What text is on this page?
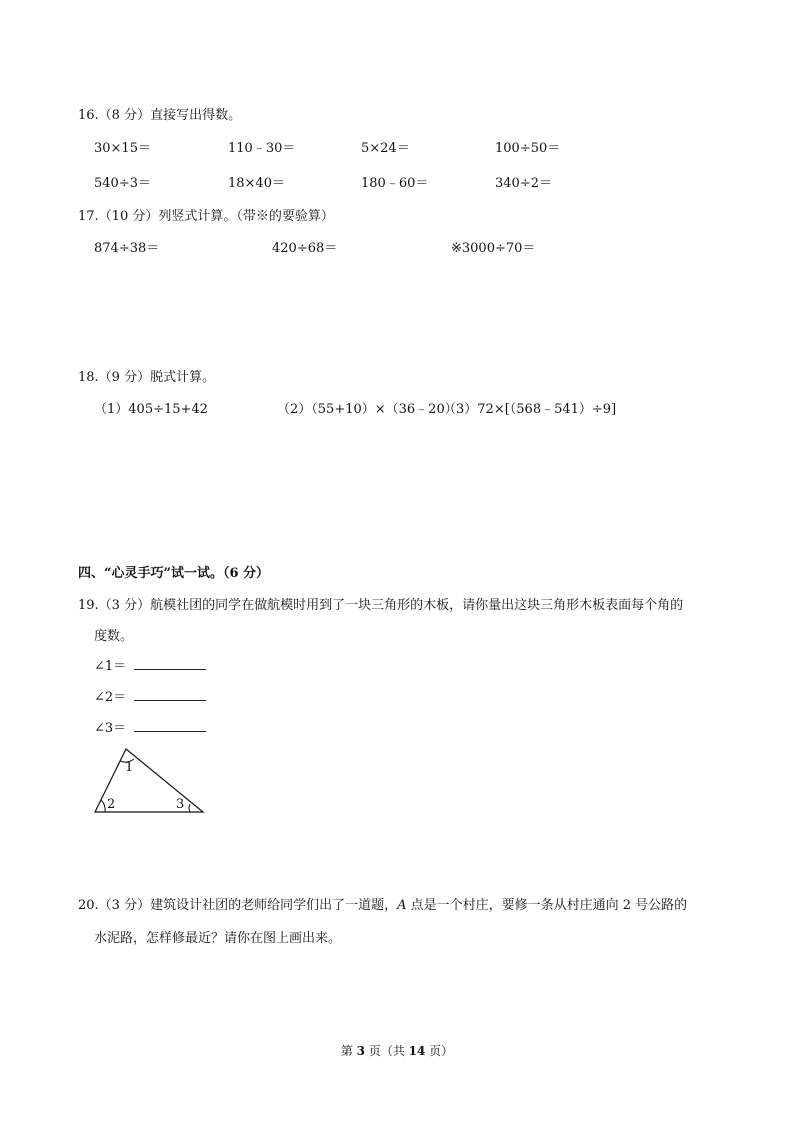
16.（8 分）直接写出得数。
30×15＝	110﹣30＝	5×24＝	100÷50＝
540÷3＝	18×40＝	180﹣60＝	340÷2＝
17.（10 分）列竖式计算。（带※的要验算）
874÷38＝	420÷68＝	※3000÷70＝
18.（9 分）脱式计算。
（1）405÷15+42	（2）（55+10）×（36﹣20）
（3）72×[（568﹣541）÷9]
四、“心灵手巧”试一试。（6 分）
19.（3 分）航模社团的同学在做航模时用到了一块三角形的木板，请你量出这块三角形木板表面每个角的
度数。
∠1＝
∠2＝
∠3＝
1
2	3
20.（3 分）建筑设计社团的老师给同学们出了一道题，A 点是一个村庄，要修一条从村庄通向 2 号公路的
水泥路，怎样修最近？请你在图上画出来。
第 3 页（共 14 页）
